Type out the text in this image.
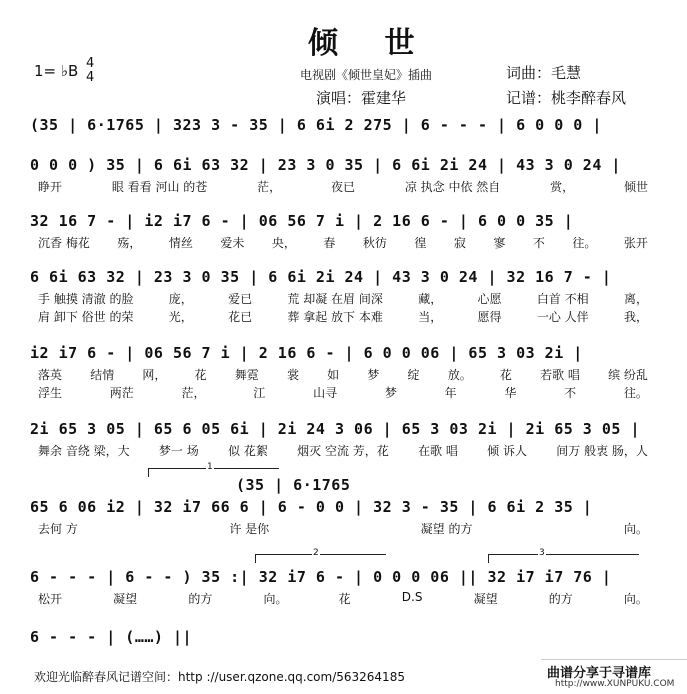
倾 世
1= ♭B 4
4	电视剧《倾世皇妃》插曲	词曲：毛慧
演唱：霍建华	记谱：桃李醉春风
(35 | 6·1765 | 323 3 - 35 | 6 6i 2 275 | 6 - - - | 6 0 0 0 |
0 0 0 ) 35 | 6 6i 63 32 | 23 3 0 35 | 6 6i 2i 24 | 43 3 0 24 |
睁开	眼 看看 河山 的苍	茫，	夜已	凉 执念 中依 然自	赏，	倾世
32 16 7 - | i2 i7 6 - | 06 56 7 i | 2 16 6 - | 6 0 0 35 |
沉香 梅花 殇， 情丝 爱未 央， 春 秋彷 徨 寂 寥 不 往。 张开
6 6i 63 32 | 23 3 0 35 | 6 6i 2i 24 | 43 3 0 24 | 32 16 7 - |
手 触摸 清澈 的脸	庞，	爱已	荒 却凝 在眉 间深	藏，	心愿	白首 不相	离，
肩 卸下 俗世 的荣	光，	花已	葬 拿起 放下 本难	当，	愿得	一心 人伴	我，
i2 i7 6 - | 06 56 7 i | 2 16 6 - | 6 0 0 06 | 65 3 03 2i |
落英 结情 网， 花 舞霓 裳 如 梦 绽 放。 花 若歌 唱 缤 纷乱
浮生	两茫	茫，	江	山寻	梦	年	华	不	往。
2i 65 3 05 | 65 6 05 6i | 2i 24 3 06 | 65 3 03 2i | 2i 65 3 05 |
舞余 音绕 梁，大 梦一 场 似 花絮 烟灭 空流 芳，花 在歌 唱 倾 诉人 间万 般衷 肠，人
65 6 06 i2 | 32 i7 66 6 | 6 - 0 0 | 32 3 - 35 | 6 6i 2 35 |
(35 | 6·1765
1
去何 方	许 是你	凝望 的方	向。
6 - - - | 6 - - ) 35 :| 32 i7 6 - | 0 0 0 06 || 32 i7 i7 76 |
2	3
松开	凝望	的方	向。	花	D.S	凝望	的方	向。
6 - - - | (……) ||
欢迎光临醉春风记谱空间：http ://user.qzone.qq.com/563264185	曲谱分享于寻谱库
http://www.XUNPUKU.COM
